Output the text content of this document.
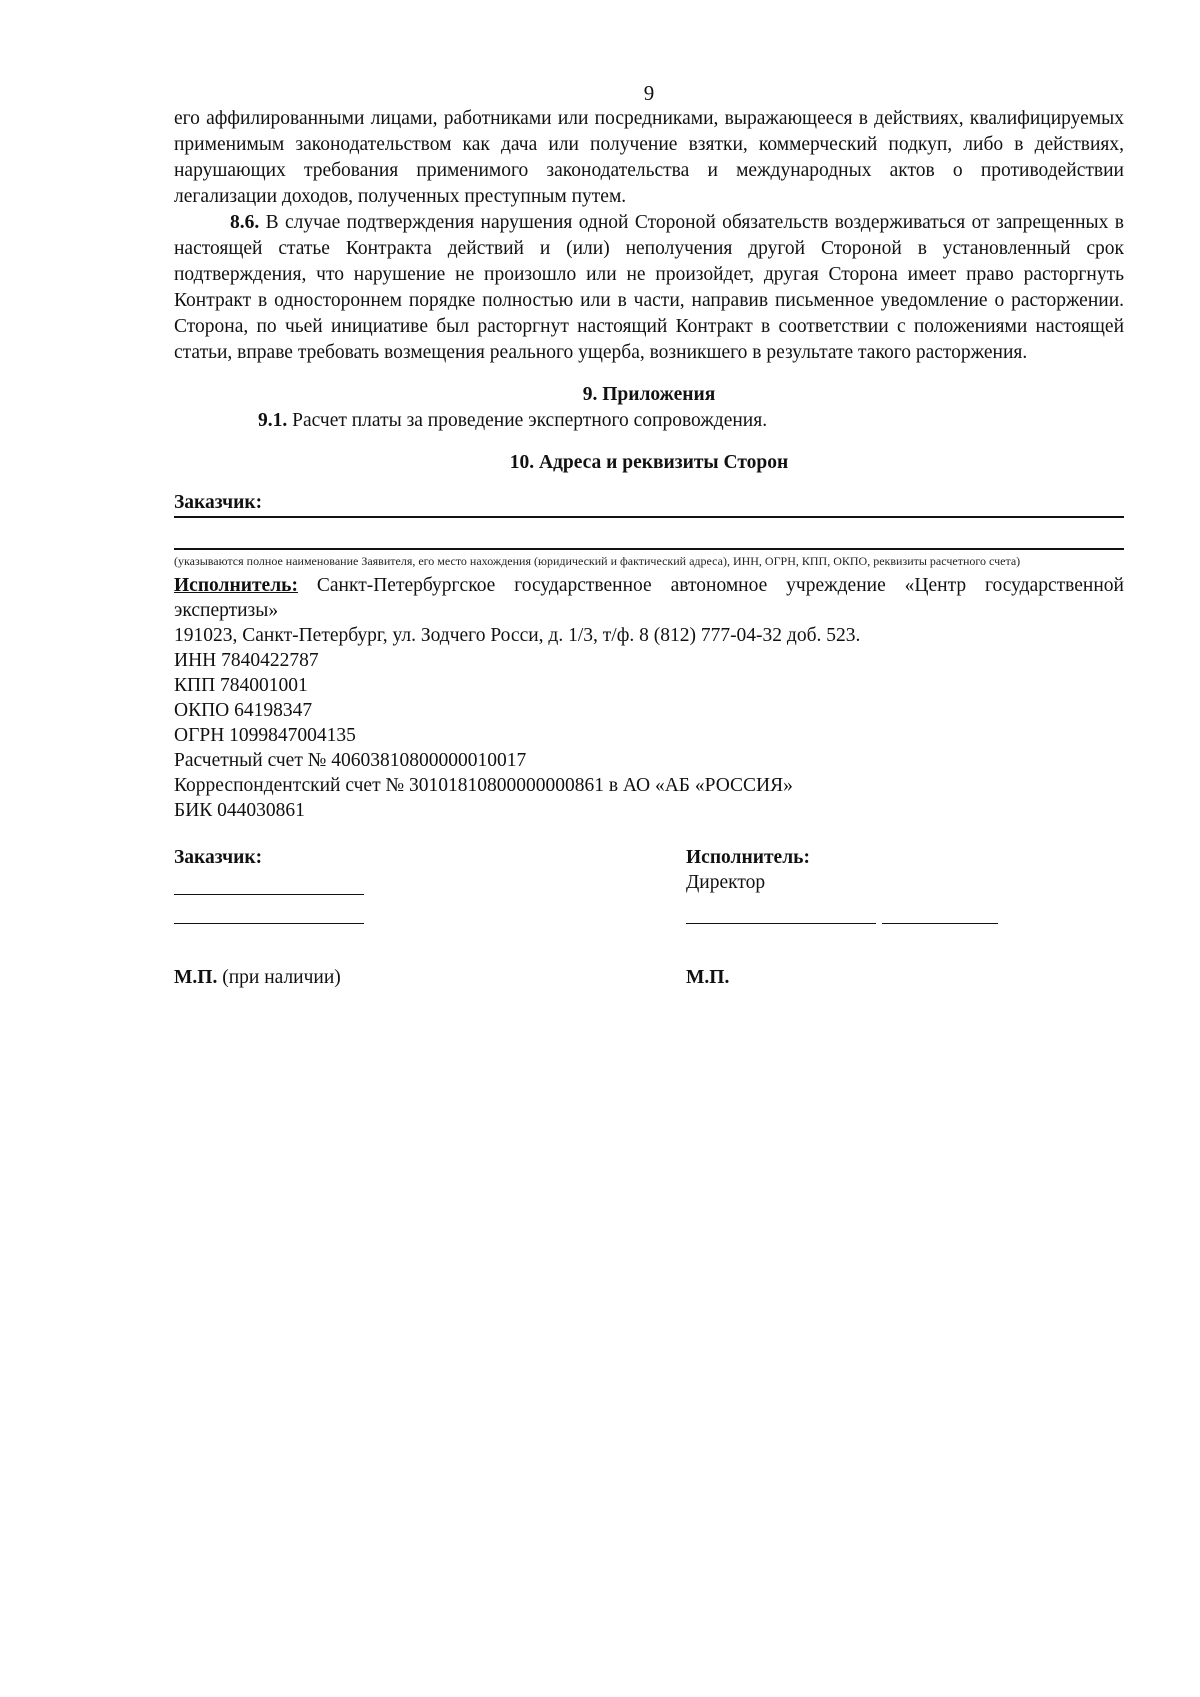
9

его аффилированными лицами, работниками или посредниками, выражающееся в действиях, квалифицируемых применимым законодательством как дача или получение взятки, коммерческий подкуп, либо в действиях, нарушающих требования применимого законодательства и международных актов о противодействии легализации доходов, полученных преступным путем.

8.6. В случае подтверждения нарушения одной Стороной обязательств воздерживаться от запрещенных в настоящей статье Контракта действий и (или) неполучения другой Стороной в установленный срок подтверждения, что нарушение не произошло или не произойдет, другая Сторона имеет право расторгнуть Контракт в одностороннем порядке полностью или в части, направив письменное уведомление о расторжении. Сторона, по чьей инициативе был расторгнут настоящий Контракт в соответствии с положениями настоящей статьи, вправе требовать возмещения реального ущерба, возникшего в результате такого расторжения.

9. Приложения
9.1. Расчет платы за проведение экспертного сопровождения.
10. Адреса и реквизиты Сторон
Заказчик:
(указываются полное наименование Заявителя, его место нахождения (юридический и фактический адреса), ИНН, ОГРН, КПП, ОКПО, реквизиты расчетного счета)
Исполнитель: Санкт-Петербургское государственное автономное учреждение «Центр государственной экспертизы»
191023, Санкт-Петербург, ул. Зодчего Росси, д. 1/3, т/ф. 8 (812) 777-04-32 доб. 523.
ИНН 7840422787
КПП 784001001
ОКПО 64198347
ОГРН 1099847004135
Расчетный счет № 40603810800000010017
Корреспондентский счет № 30101810800000000861 в АО «АБ «РОССИЯ»
БИК 044030861
Заказчик:	Исполнитель:
Директор
М.П. (при наличии)	М.П.
